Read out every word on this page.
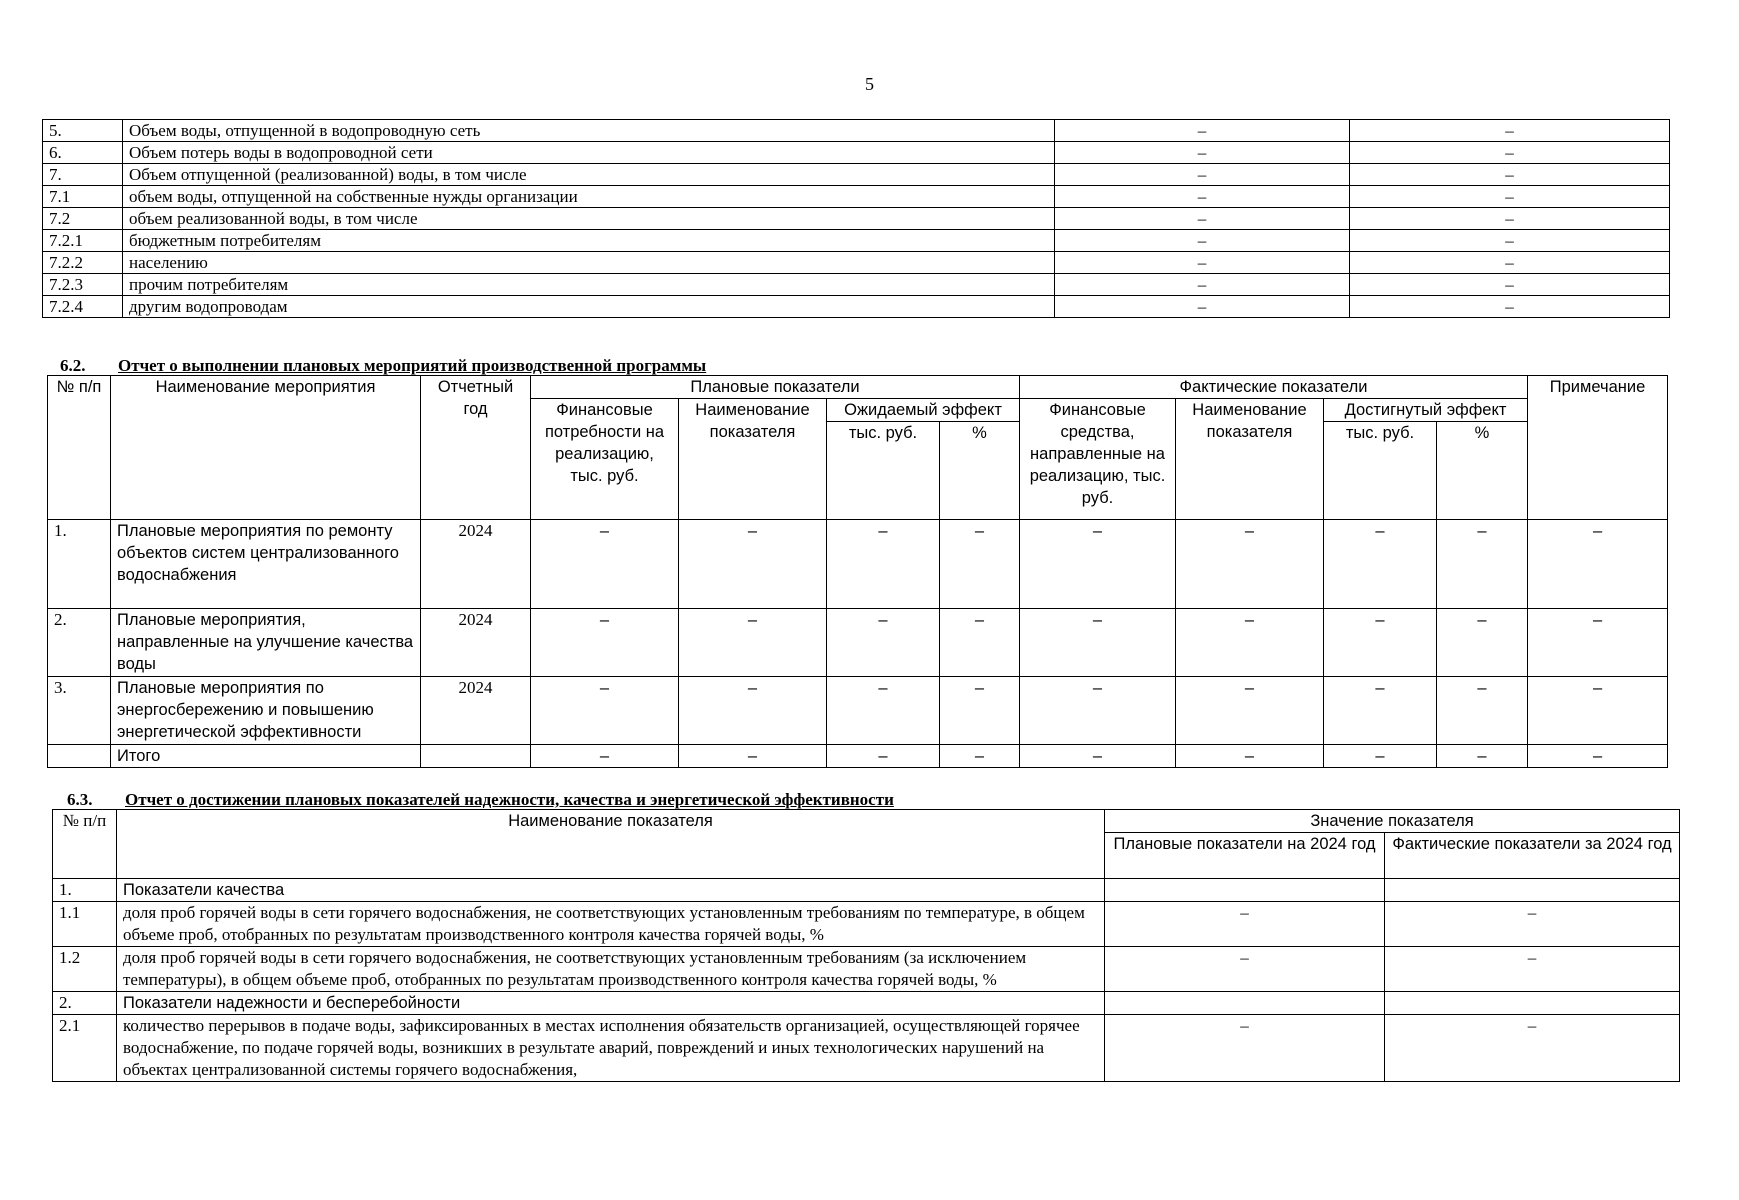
5
5.	Объем воды, отпущенной в водопроводную сеть	–	–
6.	Объем потерь воды в водопроводной сети	–	–
7.	Объем отпущенной (реализованной) воды, в том числе	–	–
7.1	объем воды, отпущенной на собственные нужды организации	–	–
7.2	объем реализованной воды, в том числе	–	–
7.2.1	бюджетным потребителям	–	–
7.2.2	населению	–	–
7.2.3	прочим потребителям	–	–
7.2.4	другим водопроводам	–	–
6.2. Отчет о выполнении плановых мероприятий производственной программы
№ п/п	Наименование мероприятия	Отчетный год	Плановые показатели				Фактические показатели				Примечание
			Финансовые потребности на реализацию, тыс. руб.	Наименование показателя	Ожидаемый эффект		Финансовые средства, направленные на реализацию, тыс. руб.	Наименование показателя	Достигнутый эффект		
					тыс. руб.	%			тыс. руб.	%	
1.	Плановые мероприятия по ремонту объектов систем централизованного водоснабжения	2024	–	–	–	–	–	–	–	–	–
2.	Плановые мероприятия, направленные на улучшение качества воды	2024	–	–	–	–	–	–	–	–	–
3.	Плановые мероприятия по энергосбережению и повышению энергетической эффективности	2024	–	–	–	–	–	–	–	–	–
	Итого		–	–	–	–	–	–	–	–	–
6.3. Отчет о достижении плановых показателей надежности, качества и энергетической эффективности
№ п/п	Наименование показателя	Значение показателя	
		Плановые показатели на 2024 год	Фактические показатели за 2024 год
1.	Показатели качества		
1.1	доля проб горячей воды в сети горячего водоснабжения, не соответствующих установленным требованиям по температуре, в общем объеме проб, отобранных по результатам производственного контроля качества горячей воды, %	–	–
1.2	доля проб горячей воды в сети горячего водоснабжения, не соответствующих установленным требованиям (за исключением температуры), в общем объеме проб, отобранных по результатам производственного контроля качества горячей воды, %	–	–
2.	Показатели надежности и бесперебойности		
2.1	количество перерывов в подаче воды, зафиксированных в местах исполнения обязательств организацией, осуществляющей горячее водоснабжение, по подаче горячей воды, возникших в результате аварий, повреждений и иных технологических нарушений на объектах централизованной системы горячего водоснабжения,	–	–
